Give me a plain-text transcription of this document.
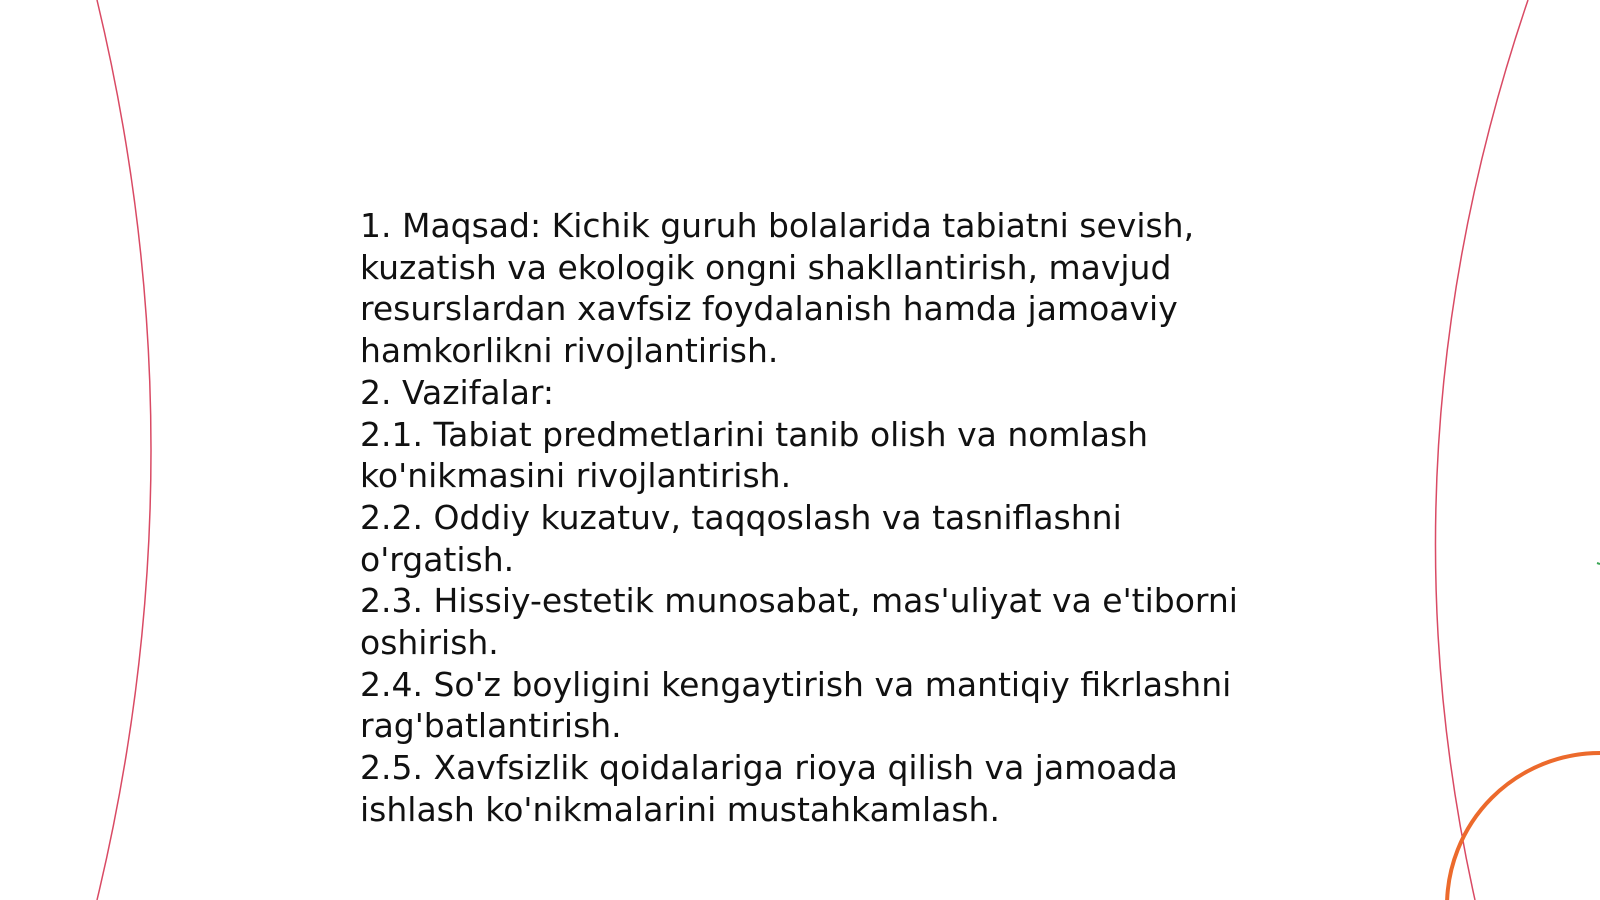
1. Maqsad: Kichik guruh bolalarida tabiatni sevish,
kuzatish va ekologik ongni shakllantirish, mavjud
resurslardan xavfsiz foydalanish hamda jamoaviy
hamkorlikni rivojlantirish.
2. Vazifalar:
2.1. Tabiat predmetlarini tanib olish va nomlash
ko'nikmasini rivojlantirish.
2.2. Oddiy kuzatuv, taqqoslash va tasniflashni
o'rgatish.
2.3. Hissiy-estetik munosabat, mas'uliyat va e'tiborni
oshirish.
2.4. So'z boyligini kengaytirish va mantiqiy fikrlashni
rag'batlantirish.
2.5. Xavfsizlik qoidalariga rioya qilish va jamoada
ishlash ko'nikmalarini mustahkamlash.
